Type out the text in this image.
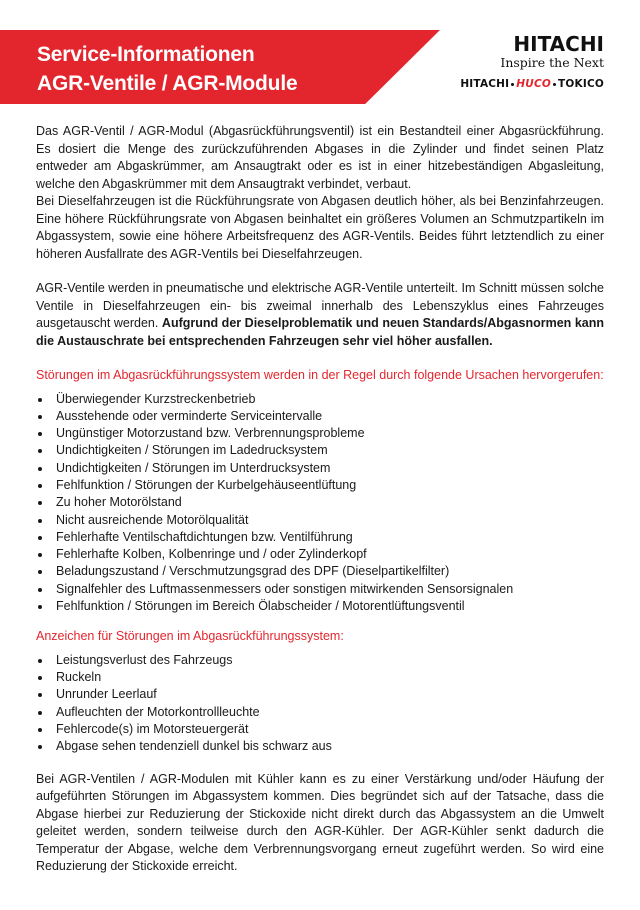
Service-Informationen
AGR-Ventile / AGR-Module
HITACHI
Inspire the Next
HITACHI HUCO TOKICO

Das AGR-Ventil / AGR-Modul (Abgasrückführungsventil) ist ein Bestandteil einer Abgasrückführung. Es dosiert die Menge des zurückzuführenden Abgases in die Zylinder und findet seinen Platz entweder am Abgaskrümmer, am Ansaugtrakt oder es ist in einer hitzebeständigen Abgasleitung, welche den Abgaskrümmer mit dem Ansaugtrakt verbindet, verbaut.

Bei Dieselfahrzeugen ist die Rückführungsrate von Abgasen deutlich höher, als bei Benzinfahrzeugen. Eine höhere Rückführungsrate von Abgasen beinhaltet ein größeres Volumen an Schmutzpartikeln im Abgassystem, sowie eine höhere Arbeitsfrequenz des AGR-Ventils. Beides führt letztendlich zu einer höheren Ausfallrate des AGR-Ventils bei Dieselfahrzeugen.

AGR-Ventile werden in pneumatische und elektrische AGR-Ventile unterteilt. Im Schnitt müssen solche Ventile in Dieselfahrzeugen ein- bis zweimal innerhalb des Lebenszyklus eines Fahrzeuges ausgetauscht werden. Aufgrund der Dieselproblematik und neuen Standards/Abgasnormen kann die Austauschrate bei entsprechenden Fahrzeugen sehr viel höher ausfallen.

Störungen im Abgasrückführungssystem werden in der Regel durch folgende Ursachen hervorgerufen:

Überwiegender Kurzstreckenbetrieb
Ausstehende oder verminderte Serviceintervalle
Ungünstiger Motorzustand bzw. Verbrennungsprobleme
Undichtigkeiten / Störungen im Ladedrucksystem
Undichtigkeiten / Störungen im Unterdrucksystem
Fehlfunktion / Störungen der Kurbelgehäuseentlüftung
Zu hoher Motorölstand
Nicht ausreichende Motorölqualität
Fehlerhafte Ventilschaftdichtungen bzw. Ventilführung
Fehlerhafte Kolben, Kolbenringe und / oder Zylinderkopf
Beladungszustand / Verschmutzungsgrad des DPF (Dieselpartikelfilter)
Signalfehler des Luftmassenmessers oder sonstigen mitwirkenden Sensorsignalen
Fehlfunktion / Störungen im Bereich Ölabscheider / Motorentlüftungsventil

Anzeichen für Störungen im Abgasrückführungssystem:

Leistungsverlust des Fahrzeugs
Ruckeln
Unrunder Leerlauf
Aufleuchten der Motorkontrollleuchte
Fehlercode(s) im Motorsteuergerät
Abgase sehen tendenziell dunkel bis schwarz aus

Bei AGR-Ventilen / AGR-Modulen mit Kühler kann es zu einer Verstärkung und/oder Häufung der aufgeführten Störungen im Abgassystem kommen. Dies begründet sich auf der Tatsache, dass die Abgase hierbei zur Reduzierung der Stickoxide nicht direkt durch das Abgassystem an die Umwelt geleitet werden, sondern teilweise durch den AGR-Kühler. Der AGR-Kühler senkt dadurch die Temperatur der Abgase, welche dem Verbrennungsvorgang erneut zugeführt werden. So wird eine Reduzierung der Stickoxide erreicht.
